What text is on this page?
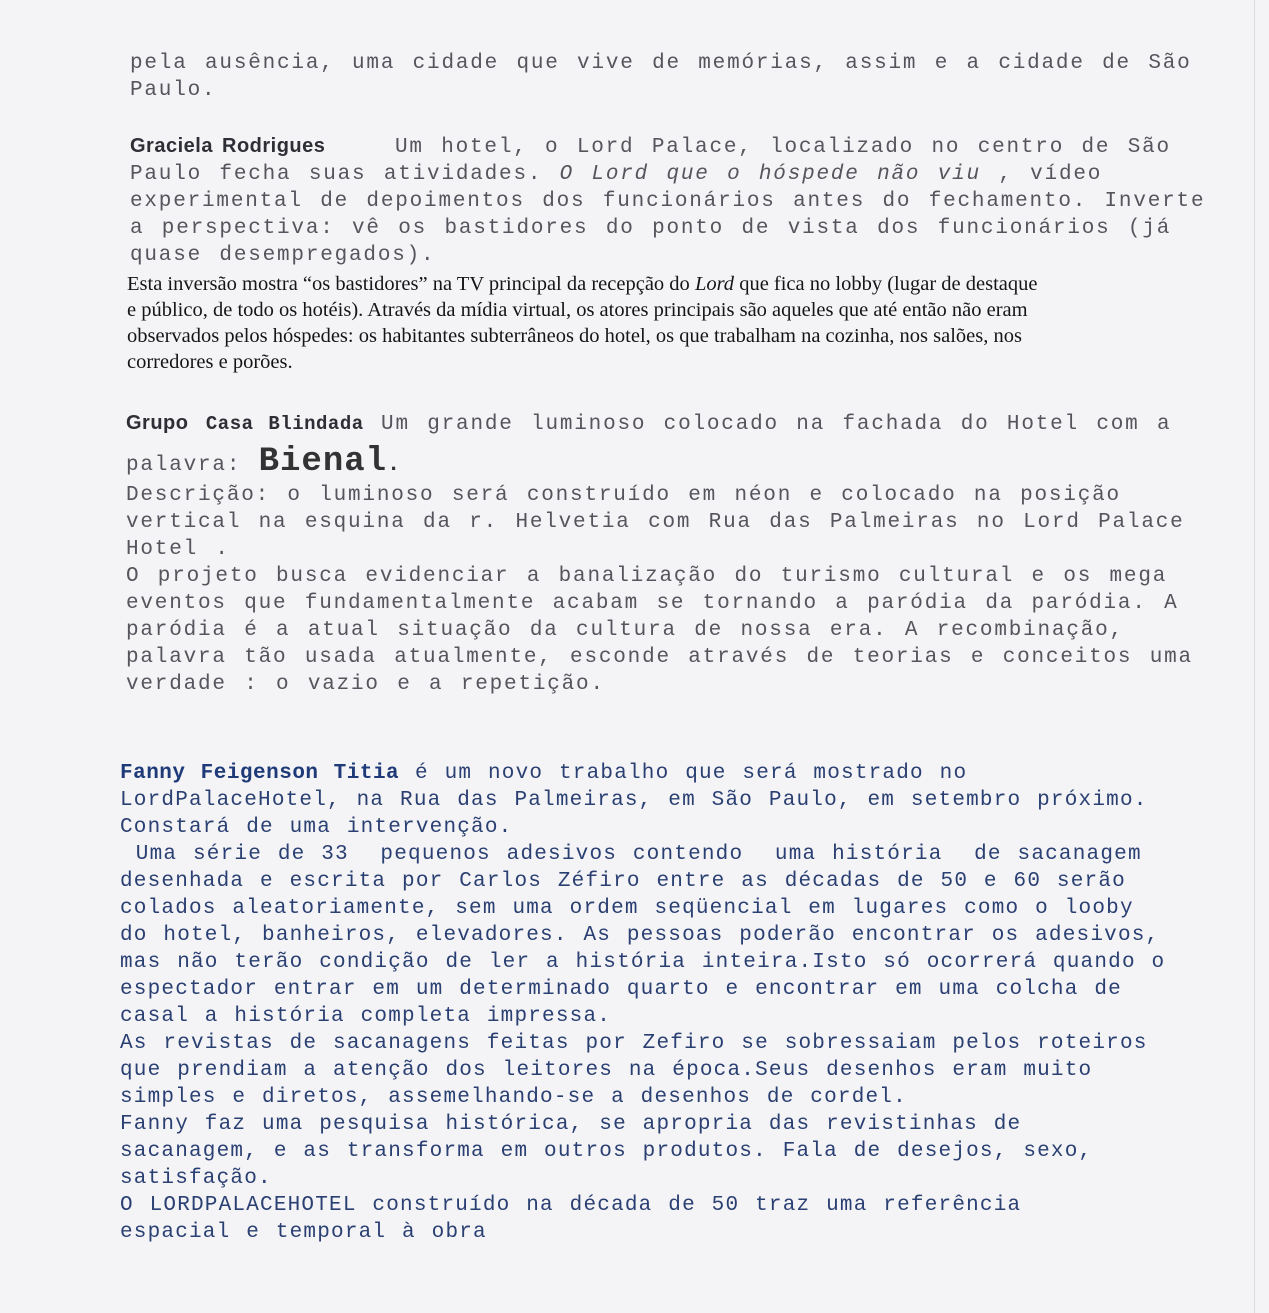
pela ausência, uma cidade que vive de memórias, assim e a cidade de São
Paulo.
Graciela Rodrigues	Um hotel, o Lord Palace, localizado no centro de São
Paulo fecha suas atividades. O Lord que o hóspede não viu , vídeo
experimental de depoimentos dos funcionários antes do fechamento. Inverte
a perspectiva: vê os bastidores do ponto de vista dos funcionários (já
quase desempregados).
Esta inversão mostra “os bastidores” na TV principal da recepção do Lord que fica no lobby (lugar de destaque
e público, de todo os hotéis). Através da mídia virtual, os atores principais são aqueles que até então não eram
observados pelos hóspedes: os habitantes subterrâneos do hotel, os que trabalham na cozinha, nos salões, nos
corredores e porões.
Grupo Casa Blindada Um grande luminoso colocado na fachada do Hotel com a
palavra: Bienal.
Descrição: o luminoso será construído em néon e colocado na posição
vertical na esquina da r. Helvetia com Rua das Palmeiras no Lord Palace
Hotel .
O projeto busca evidenciar a banalização do turismo cultural e os mega
eventos que fundamentalmente acabam se tornando a paródia da paródia. A
paródia é a atual situação da cultura de nossa era. A recombinação,
palavra tão usada atualmente, esconde através de teorias e conceitos uma
verdade : o vazio e a repetição.
Fanny Feigenson Titia é um novo trabalho que será mostrado no
LordPalaceHotel, na Rua das Palmeiras, em São Paulo, em setembro próximo.
Constará de uma intervenção.
Uma série de 33  pequenos adesivos contendo  uma história  de sacanagem
desenhada e escrita por Carlos Zéfiro entre as décadas de 50 e 60 serão
colados aleatoriamente, sem uma ordem seqüencial em lugares como o looby
do hotel, banheiros, elevadores. As pessoas poderão encontrar os adesivos,
mas não terão condição de ler a história inteira.Isto só ocorrerá quando o
espectador entrar em um determinado quarto e encontrar em uma colcha de
casal a história completa impressa.
As revistas de sacanagens feitas por Zefiro se sobressaiam pelos roteiros
que prendiam a atenção dos leitores na época.Seus desenhos eram muito
simples e diretos, assemelhando-se a desenhos de cordel.
Fanny faz uma pesquisa histórica, se apropria das revistinhas de
sacanagem, e as transforma em outros produtos. Fala de desejos, sexo,
satisfação.
O LORDPALACEHOTEL construído na década de 50 traz uma referência
espacial e temporal à obra
